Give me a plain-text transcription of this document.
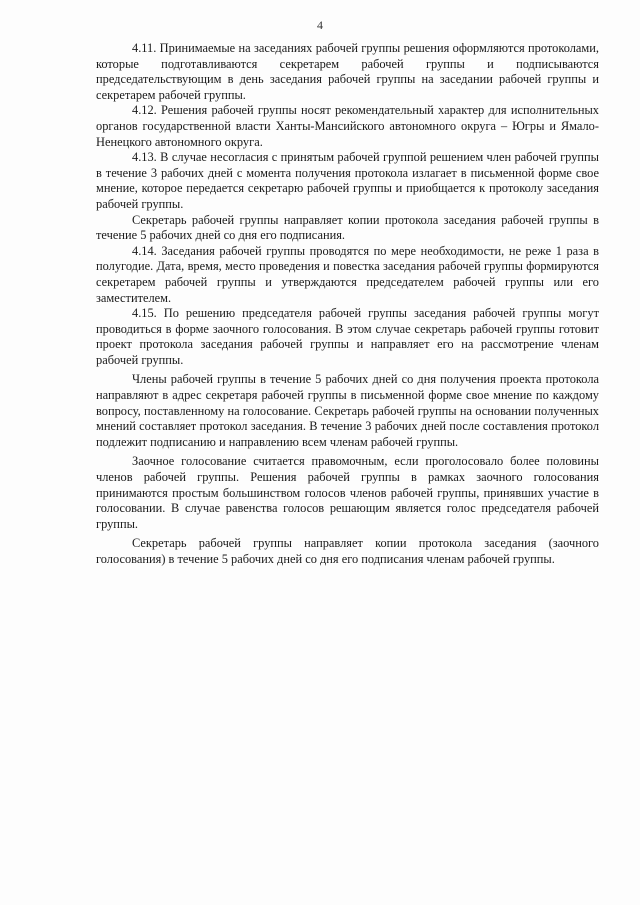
4

4.11. Принимаемые на заседаниях рабочей группы решения оформляются протоколами, которые подготавливаются секретарем рабочей группы и подписываются председательствующим в день заседания рабочей группы на заседании рабочей группы и секретарем рабочей группы.

4.12. Решения рабочей группы носят рекомендательный характер для исполнительных органов государственной власти Ханты-Мансийского автономного округа – Югры и Ямало-Ненецкого автономного округа.

4.13. В случае несогласия с принятым рабочей группой решением член рабочей группы в течение 3 рабочих дней с момента получения протокола излагает в письменной форме свое мнение, которое передается секретарю рабочей группы и приобщается к протоколу заседания рабочей группы.

Секретарь рабочей группы направляет копии протокола заседания рабочей группы в течение 5 рабочих дней со дня его подписания.

4.14. Заседания рабочей группы проводятся по мере необходимости, не реже 1 раза в полугодие. Дата, время, место проведения и повестка заседания рабочей группы формируются секретарем рабочей группы и утверждаются председателем рабочей группы или его заместителем.

4.15. По решению председателя рабочей группы заседания рабочей группы могут проводиться в форме заочного голосования. В этом случае секретарь рабочей группы готовит проект протокола заседания рабочей группы и направляет его на рассмотрение членам рабочей группы.

Члены рабочей группы в течение 5 рабочих дней со дня получения проекта протокола направляют в адрес секретаря рабочей группы в письменной форме свое мнение по каждому вопросу, поставленному на голосование. Секретарь рабочей группы на основании полученных мнений составляет протокол заседания. В течение 3 рабочих дней после составления протокол подлежит подписанию и направлению всем членам рабочей группы.

Заочное голосование считается правомочным, если проголосовало более половины членов рабочей группы. Решения рабочей группы в рамках заочного голосования принимаются простым большинством голосов членов рабочей группы, принявших участие в голосовании. В случае равенства голосов решающим является голос председателя рабочей группы.

Секретарь рабочей группы направляет копии протокола заседания (заочного голосования) в течение 5 рабочих дней со дня его подписания членам рабочей группы.
